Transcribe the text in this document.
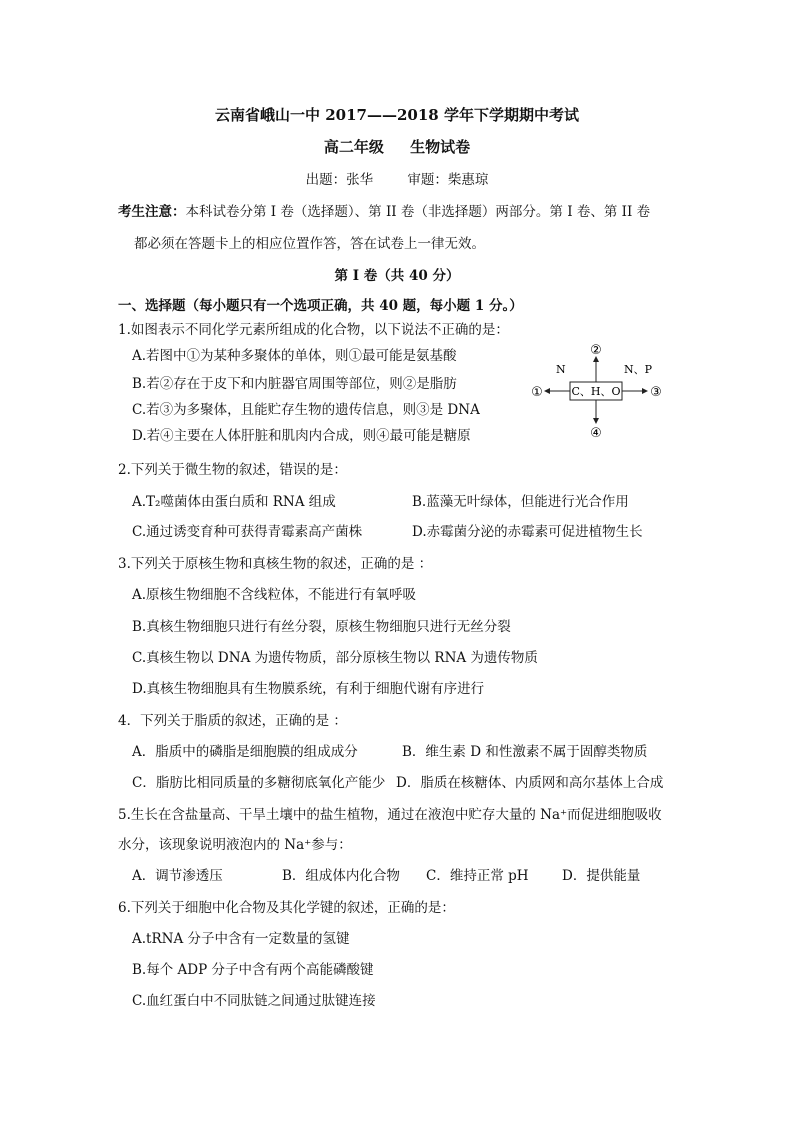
云南省峨山一中 2017——2018 学年下学期期中考试
高二年级 生物试卷
出题：张华	审题：柴惠琼
考生注意：本科试卷分第 I 卷（选择题）、第 II 卷（非选择题）两部分。第 I 卷、第 II 卷
都必须在答题卡上的相应位置作答，答在试卷上一律无效。
第 I 卷（共 40 分）
一、选择题（每小题只有一个选项正确，共 40 题，每小题 1 分。）
1.如图表示不同化学元素所组成的化合物，以下说法不正确的是：
A.若图中①为某种多聚体的单体，则①最可能是氨基酸
B.若②存在于皮下和内脏器官周围等部位，则②是脂肪
C.若③为多聚体，且能贮存生物的遗传信息，则③是 DNA
D.若④主要在人体肝脏和肌肉内合成，则④最可能是糖原
C、H、O
N	N、P
①
②
③
④
2.下列关于微生物的叙述，错误的是：
A.T₂噬菌体由蛋白质和 RNA 组成	B.蓝藻无叶绿体，但能进行光合作用
C.通过诱变育种可获得青霉素高产菌株	D.赤霉菌分泌的赤霉素可促进植物生长
3.下列关于原核生物和真核生物的叙述，正确的是 ：
A.原核生物细胞不含线粒体，不能进行有氧呼吸
B.真核生物细胞只进行有丝分裂，原核生物细胞只进行无丝分裂
C.真核生物以 DNA 为遗传物质，部分原核生物以 RNA 为遗传物质
D.真核生物细胞具有生物膜系统，有利于细胞代谢有序进行
4．下列关于脂质的叙述，正确的是 ：
A．脂质中的磷脂是细胞膜的组成成分	B．维生素 D 和性激素不属于固醇类物质
C．脂肪比相同质量的多糖彻底氧化产能少 D．脂质在核糖体、内质网和高尔基体上合成
5.生长在含盐量高、干旱土壤中的盐生植物，通过在液泡中贮存大量的 Na⁺而促进细胞吸收
水分，该现象说明液泡内的 Na⁺参与：
A．调节渗透压	B．组成体内化合物 C．维持正常 pH D．提供能量
6.下列关于细胞中化合物及其化学键的叙述，正确的是：
A.tRNA 分子中含有一定数量的氢键
B.每个 ADP 分子中含有两个高能磷酸键
C.血红蛋白中不同肽链之间通过肽键连接
